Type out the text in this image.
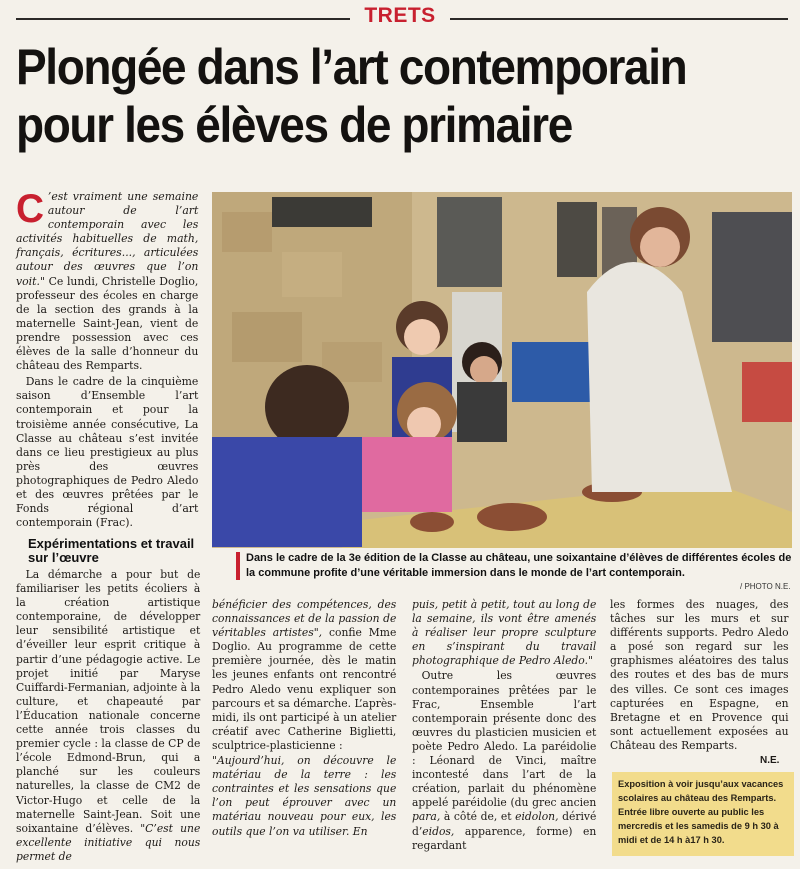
TRETS
Plongée dans l’art contemporain
pour les élèves de primaire

C ’est vraiment une semaine autour de l’art contemporain avec les activités habituelles de math, français, écritures..., articulées autour des œuvres que l’on voit." Ce lundi, Christelle Doglio, professeur des écoles en charge de la section des grands à la maternelle Saint-Jean, vient de prendre possession avec ces élèves de la salle d’honneur du château des Remparts.

Dans le cadre de la cinquième saison d’Ensemble l’art contemporain et pour la troisième année consécutive, La Classe au château s’est invitée dans ce lieu prestigieux au plus près des œuvres photographiques de Pedro Aledo et des œuvres prêtées par le Fonds régional d’art contemporain (Frac).

Dans le cadre de la 3e édition de la Classe au château, une soixantaine d’élèves de différentes écoles de la commune profite d’une véritable immersion dans le monde de l’art contemporain.
/ PHOTO N.E.
Expérimentations et travail sur l’œuvre

La démarche a pour but de familiariser les petits écoliers à la création artistique contemporaine, de développer leur sensibilité artistique et d’éveiller leur esprit critique à partir d’une pédagogie active. Le projet initié par Maryse Cuiffardi-Fermanian, adjointe à la culture, et chapeauté par l’Éducation nationale concerne cette année trois classes du premier cycle : la classe de CP de l’école Edmond-Brun, qui a planché sur les couleurs naturelles, la classe de CM2 de Victor-Hugo et celle de la maternelle Saint-Jean. Soit une soixantaine d’élèves. "C’est une excellente initiative qui nous permet de

bénéficier des compétences, des connaissances et de la passion de véritables artistes", confie Mme Doglio. Au programme de cette première journée, dès le matin les jeunes enfants ont rencontré Pedro Aledo venu expliquer son parcours et sa démarche. L’après-midi, ils ont participé à un atelier créatif avec Catherine Biglietti, sculptrice-plasticienne :

"Aujourd’hui, on découvre le matériau de la terre : les contraintes et les sensations que l’on peut éprouver avec un matériau nouveau pour eux, les outils que l’on va utiliser. En

puis, petit à petit, tout au long de la semaine, ils vont être amenés à réaliser leur propre sculpture en s’inspirant du travail photographique de Pedro Aledo."

Outre les œuvres contemporaines prêtées par le Frac, Ensemble l’art contemporain présente donc des œuvres du plasticien musicien et poète Pedro Aledo. La paréidolie : Léonard de Vinci, maître incontesté dans l’art de la création, parlait du phénomène appelé paréidolie (du grec ancien para, à côté de, et eidolon, dérivé d’eidos, apparence, forme) en regardant

les formes des nuages, des tâches sur les murs et sur différents supports. Pedro Aledo a posé son regard sur les graphismes aléatoires des talus des routes et des bas de murs des villes. Ce sont ces images capturées en Espagne, en Bretagne et en Provence qui sont actuellement exposées au Château des Remparts.

N.E.
Exposition à voir jusqu’aux vacances scolaires au château des Remparts. Entrée libre ouverte au public les mercredis et les samedis de 9 h 30 à midi et de 14 h à17 h 30.
